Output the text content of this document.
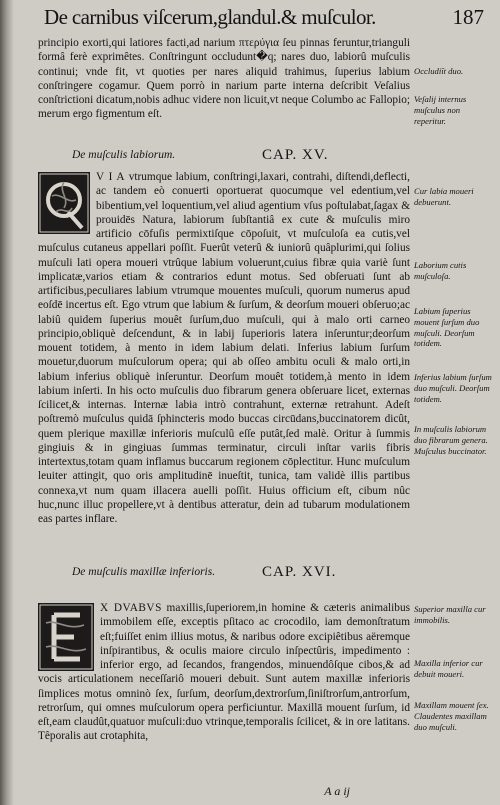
De carnibus viſcerum,glandul.& muſculor.	187

principio exorti,qui latiores facti,ad narium πτερύγια ſeu pinnas feruntur,trianguli formâ ferè exprimêtes. Conſtringunt occludunt�q; nares duo, labiorû muſculis continui; vnde fit, vt quoties per nares aliquid trahimus, ſuperius labium conſtringere cogamur. Quem porrò in narium parte interna deſcribit Veſalius conſtrictioni dicatum,nobis adhuc videre non licuit,vt neque Columbo ac Fallopio; merum ergo figmentum eſt.

De muſculis labiorum.	CAP. XV.

V I A vtrumque labium, conſtringi,laxari, contrahi, diſtendi,deflecti, ac tandem eò conuerti oportuerat quocumque vel edentium,vel bibentium,vel loquentium,vel aliud agentium vſus poſtulabat,ſagax & prouidēs Natura, labiorum ſubſtantiâ ex cute & muſculis miro artificio cōfuſis permixtiſque cōpoſuit, vt muſculoſa ea cutis,vel muſculus cutaneus appellari poſſit. Fuerût veterû & iuniorû quâplurimi,qui ſolius muſculi lati opera moueri vtrûque labium voluerunt,cuius fibræ quia variè ſunt implicatæ,varios etiam & contrarios edunt motus. Sed obſeruati ſunt ab artificibus,peculiares labium vtrumque mouentes muſculi, quorum numerus apud eoſdē incertus eſt. Ego vtrum que labium & ſurſum, & deorſum moueri obſeruo;ac labiû quidem ſuperius mouêt ſurſum,duo muſculi, qui à malo orti carneo principio,obliquè deſcendunt, & in labij ſuperioris latera inſeruntur;deorſum mouent totidem, à mento in idem labium delati. Inferius labium ſurſum mouetur,duorum muſculorum opera; qui ab oſſeo ambitu oculi & malo orti,in labium inferius obliquè inſeruntur. Deorſum mouêt totidem,à mento in idem labium inſerti. In his octo muſculis duo fibrarum genera obſeruare licet, externas ſcilicet,& internas. Internæ labia intrò contrahunt, externæ retrahunt. Adeſt poſtremò muſculus quidā ſphincteris modo buccas circūdans,buccinatorem dicût, quem plerique maxillæ inferioris muſculû eſſe putât,ſed malè. Oritur à ſummis gingiuis & in gingiuas ſummas terminatur, circuli inſtar variis fibris intertextus,totam quam inflamus buccarum regionem cōplectitur. Hunc muſculum leuiter attingit, quo oris amplitudinē inueſtit, tunica, tam validè illis partibus connexa,vt num quam illacera auelli poſſit. Huius officium eſt, cibum nûc huc,nunc illuc propellere,vt à dentibus atteratur, dein ad tubarum modulationem eas partes inflare.

De muſculis maxillæ inferioris.	CAP. XVI.

X DVABVS maxillis,ſuperiorem,in homine & cæteris animalibus immobilem eſſe, exceptis pſitaco ac crocodilo, iam demonſtratum eſt;fuiſſet enim illius motus, & naribus odore excipiêtibus aëremque inſpirantibus, & oculis maiore circulo inſpectûris, impedimento : inferior ergo, ad ſecandos, frangendos, minuendôſque cibos,& ad vocis articulationem neceſſariô moueri debuit. Sunt autem maxillæ inferioris ſimplices motus omninò ſex, ſurſum, deorſum,dextrorſum,ſiniſtrorſum,antrorſum, retrorſum, qui omnes muſculorum opera perficiuntur. Maxillā mouent ſurſum, id eſt,eam claudût,quatuor muſculi:duo vtrinque,temporalis ſcilicet, & in ore latitans. Têporalis aut crotaphita,

Occludiīt duo.
Veſalij internus muſculus non reperitur.
Cur labia moueri debuerunt.
Laborium cutis muſculoſa.
Labium ſuperius mouent ſurſum duo muſculi. Deorſum totidem.
Inferius labium ſurſum duo muſculi. Deorſum totidem.
In muſculis labiorum duo fibrarum genera. Muſculus buccinator.
Superior maxilla cur immobilis.
Maxilla inferior cur debuit moueri.
Maxillam mouent ſex. Claudentes maxillam duo muſculi.
A a ij
